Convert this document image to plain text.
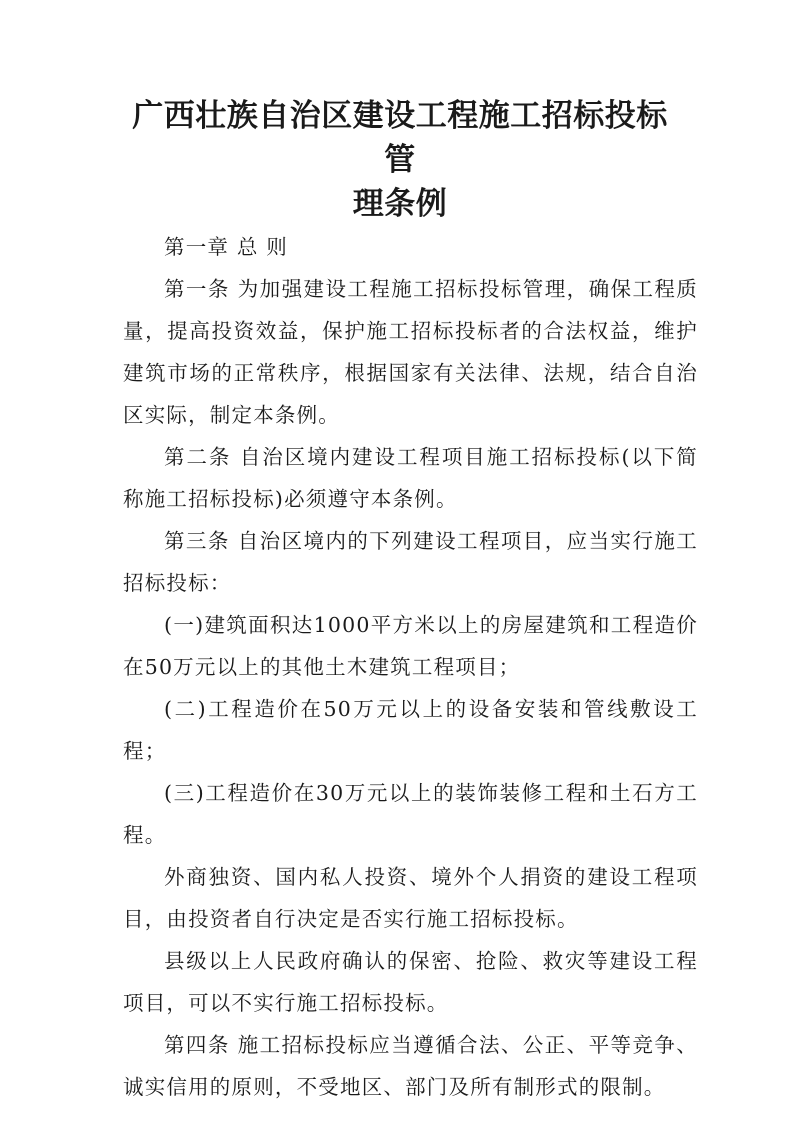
广西壮族自治区建设工程施工招标投标管
理条例

第一章 总 则

第一条 为加强建设工程施工招标投标管理，确保工程质量，提高投资效益，保护施工招标投标者的合法权益，维护建筑市场的正常秩序，根据国家有关法律、法规，结合自治区实际，制定本条例。

第二条 自治区境内建设工程项目施工招标投标(以下简称施工招标投标)必须遵守本条例。

第三条 自治区境内的下列建设工程项目，应当实行施工招标投标：

(一)建筑面积达1000平方米以上的房屋建筑和工程造价在50万元以上的其他土木建筑工程项目；

(二)工程造价在50万元以上的设备安装和管线敷设工程；

(三)工程造价在30万元以上的装饰装修工程和土石方工程。

外商独资、国内私人投资、境外个人捐资的建设工程项目，由投资者自行决定是否实行施工招标投标。

县级以上人民政府确认的保密、抢险、救灾等建设工程项目，可以不实行施工招标投标。

第四条 施工招标投标应当遵循合法、公正、平等竞争、诚实信用的原则，不受地区、部门及所有制形式的限制。
